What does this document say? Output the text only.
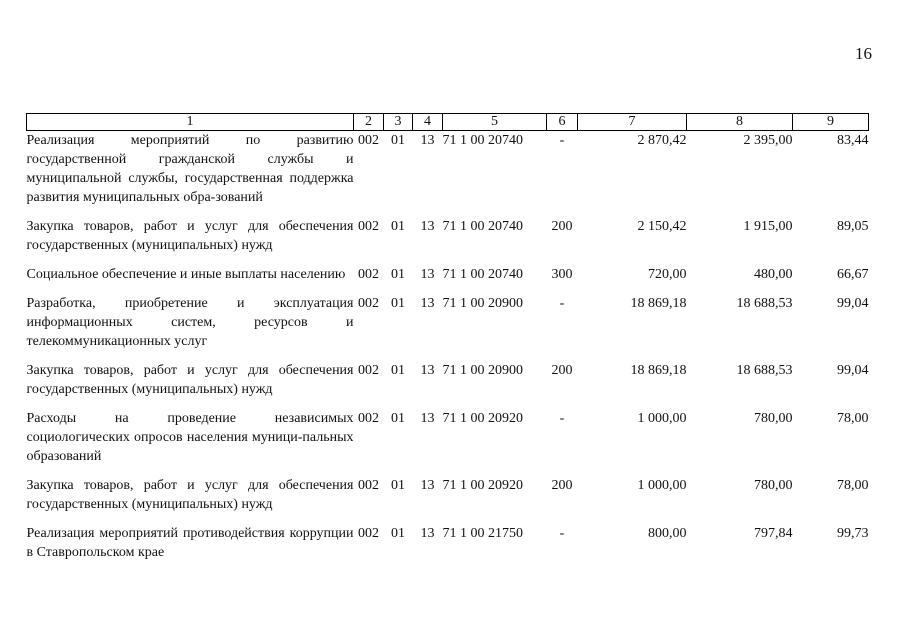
16
1	2	3	4	5	6	7	8	9
Реализация мероприятий по развитию государственной гражданской службы и муниципальной службы, государственная поддержка развития муниципальных обра-зований	002	01	13	71 1 00 20740	-	2 870,42	2 395,00	83,44
Закупка товаров, работ и услуг для обеспечения государственных (муниципальных) нужд	002	01	13	71 1 00 20740	200	2 150,42	1 915,00	89,05
Социальное обеспечение и иные выплаты населению	002	01	13	71 1 00 20740	300	720,00	480,00	66,67
Разработка, приобретение и эксплуатация информационных систем, ресурсов и телекоммуникационных услуг	002	01	13	71 1 00 20900	-	18 869,18	18 688,53	99,04
Закупка товаров, работ и услуг для обеспечения государственных (муниципальных) нужд	002	01	13	71 1 00 20900	200	18 869,18	18 688,53	99,04
Расходы на проведение независимых социологических опросов населения муници-пальных образований	002	01	13	71 1 00 20920	-	1 000,00	780,00	78,00
Закупка товаров, работ и услуг для обеспечения государственных (муниципальных) нужд	002	01	13	71 1 00 20920	200	1 000,00	780,00	78,00
Реализация мероприятий противодействия коррупции в Ставропольском крае	002	01	13	71 1 00 21750	-	800,00	797,84	99,73
